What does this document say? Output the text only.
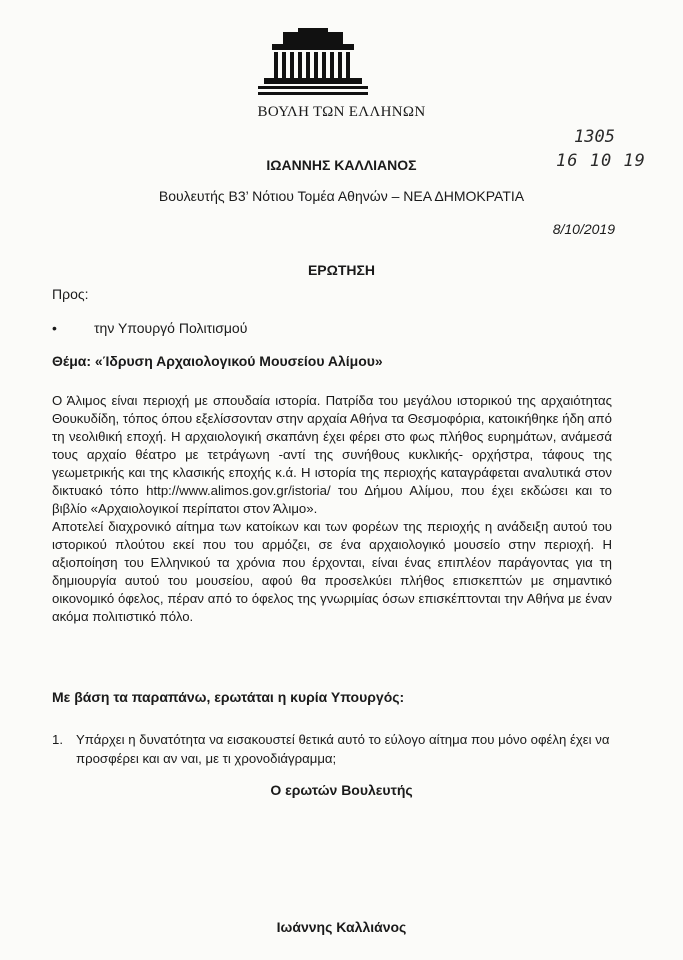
ΒΟΥΛΗ ΤΩΝ ΕΛΛΗΝΩΝ
1305
16 10 19
ΙΩΑΝΝΗΣ ΚΑΛΛΙΑΝΟΣ
Βουλευτής Β3’ Νότιου Τομέα Αθηνών – ΝΕΑ ΔΗΜΟΚΡΑΤΙΑ
8/10/2019
ΕΡΩΤΗΣΗ
Προς:
•	την Υπουργό Πολιτισμού
Θέμα: «Ίδρυση Αρχαιολογικού Μουσείου Αλίμου»

Ο Άλιμος είναι περιοχή με σπουδαία ιστορία. Πατρίδα του μεγάλου ιστορικού της αρχαιότητας Θουκυδίδη, τόπος όπου εξελίσσονταν στην αρχαία Αθήνα τα Θεσμοφόρια, κατοικήθηκε ήδη από τη νεολιθική εποχή. Η αρχαιολογική σκαπάνη έχει φέρει στο φως πλήθος ευρημάτων, ανάμεσά τους αρχαίο θέατρο με τετράγωνη -αντί της συνήθους κυκλικής- ορχήστρα, τάφους της γεωμετρικής και της κλασικής εποχής κ.ά. Η ιστορία της περιοχής καταγράφεται αναλυτικά στον δικτυακό τόπο http://www.alimos.gov.gr/istoria/ του Δήμου Αλίμου, που έχει εκδώσει και το βιβλίο «Αρχαιολογικοί περίπατοι στον Άλιμο».

Αποτελεί διαχρονικό αίτημα των κατοίκων και των φορέων της περιοχής η ανάδειξη αυτού του ιστορικού πλούτου εκεί που του αρμόζει, σε ένα αρχαιολογικό μουσείο στην περιοχή. Η αξιοποίηση του Ελληνικού τα χρόνια που έρχονται, είναι ένας επιπλέον παράγοντας για τη δημιουργία αυτού του μουσείου, αφού θα προσελκύει πλήθος επισκεπτών με σημαντικό οικονομικό όφελος, πέραν από το όφελος της γνωριμίας όσων επισκέπτονται την Αθήνα με έναν ακόμα πολιτιστικό πόλο.

Με βάση τα παραπάνω, ερωτάται η κυρία Υπουργός:
1. Υπάρχει η δυνατότητα να εισακουστεί θετικά αυτό το εύλογο αίτημα που μόνο οφέλη έχει να προσφέρει και αν ναι, με τι χρονοδιάγραμμα;
Ο ερωτών Βουλευτής
Ιωάννης Καλλιάνος
